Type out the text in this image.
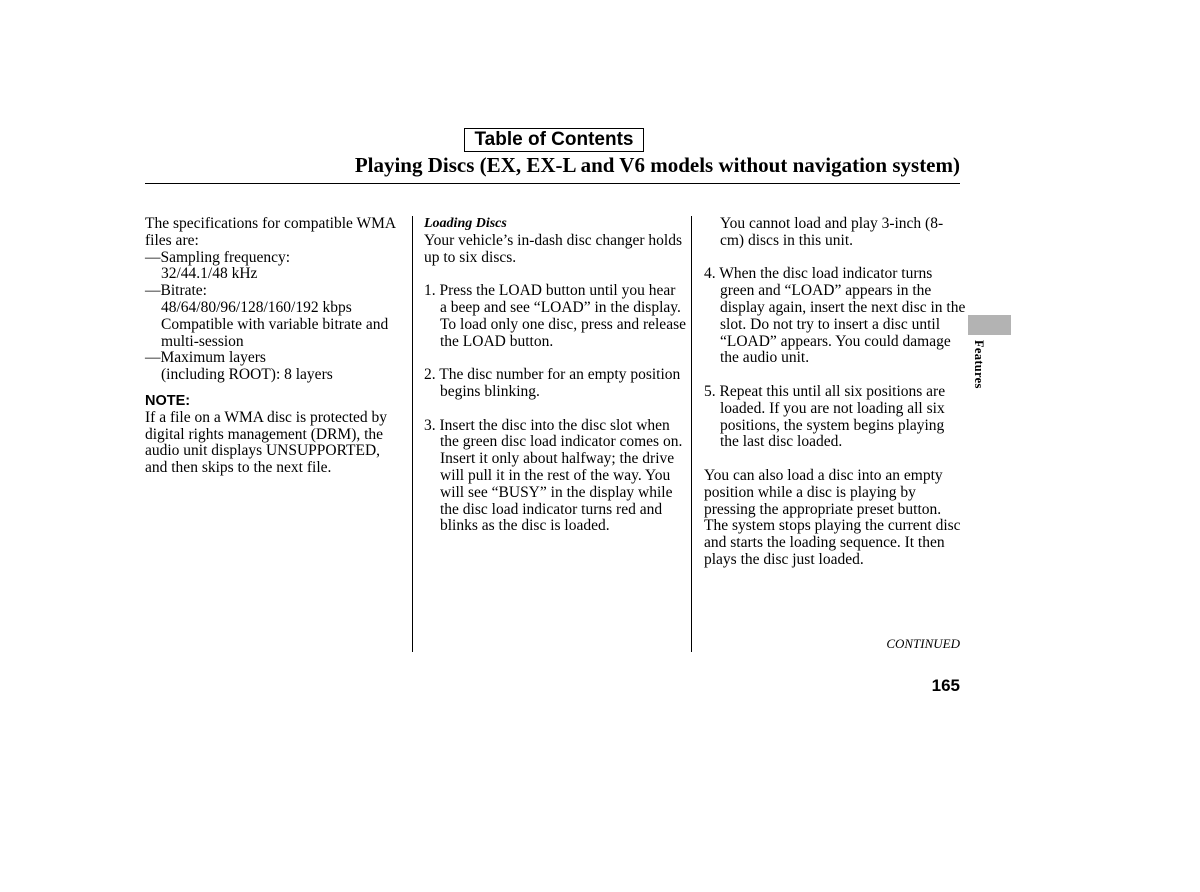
Table of Contents
Playing Discs (EX, EX-L and V6 models without navigation system)

The specifications for compatible WMA files are:

—Sampling frequency:

32/44.1/48 kHz

—Bitrate:

48/64/80/96/128/160/192 kbps Compatible with variable bitrate and multi-session

—Maximum layers

(including ROOT): 8 layers

NOTE:

If a file on a WMA disc is protected by digital rights management (DRM), the audio unit displays UNSUPPORTED, and then skips to the next file.

Loading Discs

Your vehicle’s in-dash disc changer holds up to six discs.

1. Press the LOAD button until you hear a beep and see “LOAD” in the display. To load only one disc, press and release the LOAD button.

2. The disc number for an empty position begins blinking.

3. Insert the disc into the disc slot when the green disc load indicator comes on. Insert it only about halfway; the drive will pull it in the rest of the way. You will see “BUSY” in the display while the disc load indicator turns red and blinks as the disc is loaded.

You cannot load and play 3-inch (8-cm) discs in this unit.

4. When the disc load indicator turns green and “LOAD” appears in the display again, insert the next disc in the slot. Do not try to insert a disc until “LOAD” appears. You could damage the audio unit.

5. Repeat this until all six positions are loaded. If you are not loading all six positions, the system begins playing the last disc loaded.

You can also load a disc into an empty position while a disc is playing by pressing the appropriate preset button. The system stops playing the current disc and starts the loading sequence. It then plays the disc just loaded.

CONTINUED
165
Features
